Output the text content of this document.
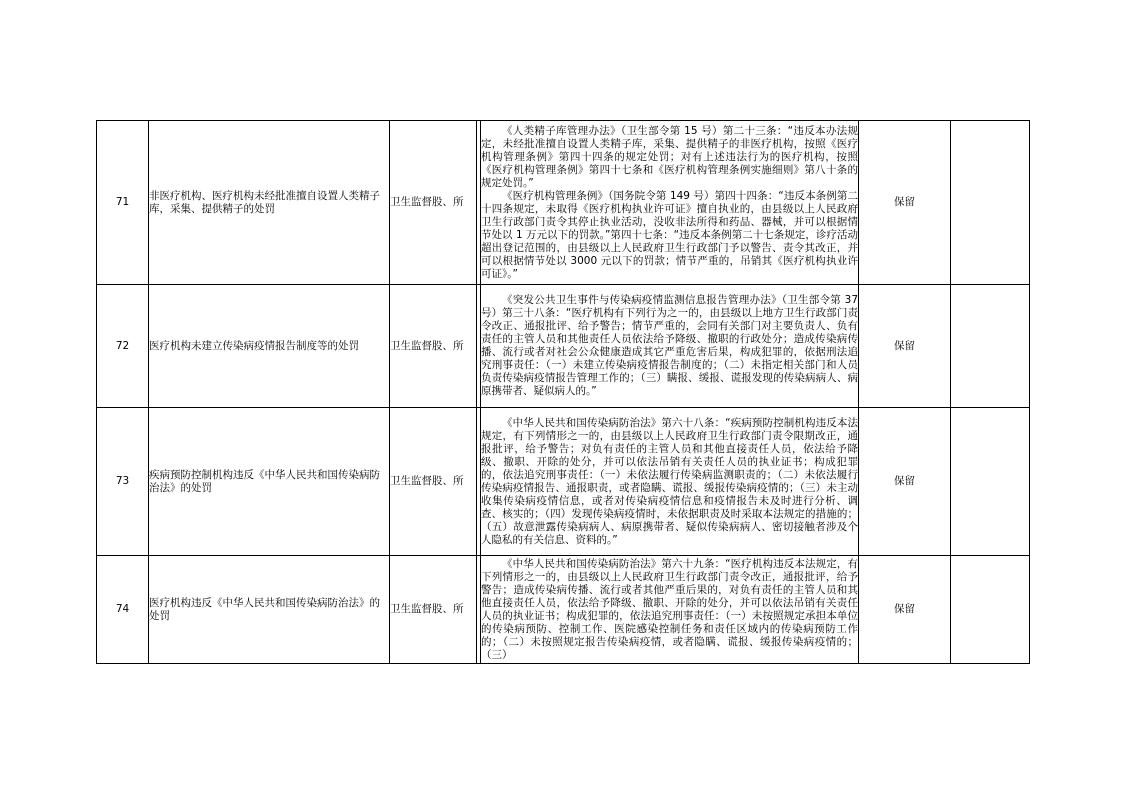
71	非医疗机构、医疗机构未经批准擅自设置人类精子库，采集、提供精子的处罚	卫生监督股、所		《人类精子库管理办法》（卫生部令第 15 号）第二十三条：“违反本办法规定，未经批准擅自设置人类精子库，采集、提供精子的非医疗机构，按照《医疗机构管理条例》第四十四条的规定处罚；对有上述违法行为的医疗机构，按照《医疗机构管理条例》第四十七条和《医疗机构管理条例实施细则》第八十条的规定处罚。”

《医疗机构管理条例》（国务院令第 149 号）第四十四条：“违反本条例第二十四条规定，未取得《医疗机构执业许可证》擅自执业的，由县级以上人民政府卫生行政部门责令其停止执业活动，没收非法所得和药品、器械，并可以根据情节处以 1 万元以下的罚款。”第四十七条：“违反本条例第二十七条规定，诊疗活动超出登记范围的，由县级以上人民政府卫生行政部门予以警告、责令其改正，并可以根据情节处以 3000 元以下的罚款；情节严重的，吊销其《医疗机构执业许可证》。”	保留	
72	医疗机构未建立传染病疫情报告制度等的处罚	卫生监督股、所		《突发公共卫生事件与传染病疫情监测信息报告管理办法》（卫生部令第 37 号）第三十八条：“医疗机构有下列行为之一的，由县级以上地方卫生行政部门责令改正、通报批评、给予警告；情节严重的，会同有关部门对主要负责人、负有责任的主管人员和其他责任人员依法给予降级、撤职的行政处分；造成传染病传播、流行或者对社会公众健康造成其它严重危害后果，构成犯罪的，依据刑法追究刑事责任：（一）未建立传染病疫情报告制度的；（二）未指定相关部门和人员负责传染病疫情报告管理工作的；（三）瞒报、缓报、谎报发现的传染病病人、病原携带者、疑似病人的。”	保留	
73	疾病预防控制机构违反《中华人民共和国传染病防治法》的处罚	卫生监督股、所		《中华人民共和国传染病防治法》第六十八条：“疾病预防控制机构违反本法规定，有下列情形之一的，由县级以上人民政府卫生行政部门责令限期改正，通报批评，给予警告；对负有责任的主管人员和其他直接责任人员，依法给予降级、撤职、开除的处分，并可以依法吊销有关责任人员的执业证书；构成犯罪的，依法追究刑事责任：（一）未依法履行传染病监测职责的；（二）未依法履行传染病疫情报告、通报职责，或者隐瞒、谎报、缓报传染病疫情的；（三）未主动收集传染病疫情信息，或者对传染病疫情信息和疫情报告未及时进行分析、调查、核实的；（四）发现传染病疫情时，未依据职责及时采取本法规定的措施的；（五）故意泄露传染病病人、病原携带者、疑似传染病病人、密切接触者涉及个人隐私的有关信息、资料的。”	保留	
74	医疗机构违反《中华人民共和国传染病防治法》的处罚	卫生监督股、所		《中华人民共和国传染病防治法》第六十九条：“医疗机构违反本法规定，有下列情形之一的，由县级以上人民政府卫生行政部门责令改正，通报批评，给予警告；造成传染病传播、流行或者其他严重后果的，对负有责任的主管人员和其他直接责任人员，依法给予降级、撤职、开除的处分，并可以依法吊销有关责任人员的执业证书；构成犯罪的，依法追究刑事责任：（一）未按照规定承担本单位的传染病预防、控制工作、医院感染控制任务和责任区域内的传染病预防工作的；（二）未按照规定报告传染病疫情，或者隐瞒、谎报、缓报传染病疫情的；（三）	保留	
